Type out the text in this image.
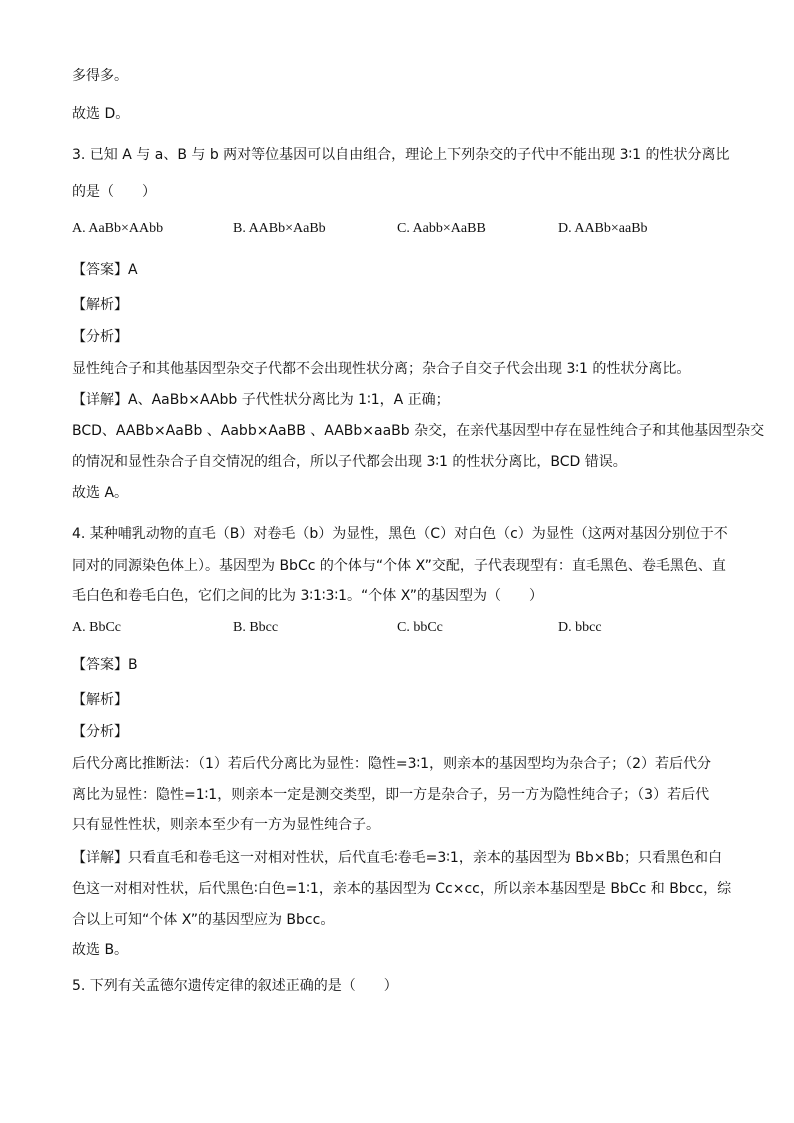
多得多。
故选 D。
3. 已知 A 与 a、B 与 b 两对等位基因可以自由组合，理论上下列杂交的子代中不能出现 3∶1 的性状分离比
的是（　　）
A. AaBb×AAbb	B. AABb×AaBb	C. Aabb×AaBB	D. AABb×aaBb
【答案】A
【解析】
【分析】
显性纯合子和其他基因型杂交子代都不会出现性状分离；杂合子自交子代会出现 3∶1 的性状分离比。
【详解】A、AaBb×AAbb 子代性状分离比为 1∶1，A 正确；
BCD、AABb×AaBb 、Aabb×AaBB 、AABb×aaBb 杂交，在亲代基因型中存在显性纯合子和其他基因型杂交
的情况和显性杂合子自交情况的组合，所以子代都会出现 3∶1 的性状分离比，BCD 错误。
故选 A。
4. 某种哺乳动物的直毛（B）对卷毛（b）为显性，黑色（C）对白色（c）为显性（这两对基因分别位于不
同对的同源染色体上）。基因型为 BbCc 的个体与“个体 X”交配，子代表现型有：直毛黑色、卷毛黑色、直
毛白色和卷毛白色，它们之间的比为 3∶1∶3∶1。“个体 X”的基因型为（　　）
A. BbCc	B. Bbcc	C. bbCc	D. bbcc
【答案】B
【解析】
【分析】
后代分离比推断法：（1）若后代分离比为显性：隐性=3∶1，则亲本的基因型均为杂合子；（2）若后代分
离比为显性：隐性=1∶1，则亲本一定是测交类型，即一方是杂合子，另一方为隐性纯合子；（3）若后代
只有显性性状，则亲本至少有一方为显性纯合子。
【详解】只看直毛和卷毛这一对相对性状，后代直毛∶卷毛=3∶1，亲本的基因型为 Bb×Bb；只看黑色和白
色这一对相对性状，后代黑色∶白色=1∶1，亲本的基因型为 Cc×cc，所以亲本基因型是 BbCc 和 Bbcc，综
合以上可知“个体 X”的基因型应为 Bbcc。
故选 B。
5. 下列有关孟德尔遗传定律的叙述正确的是（　　）
